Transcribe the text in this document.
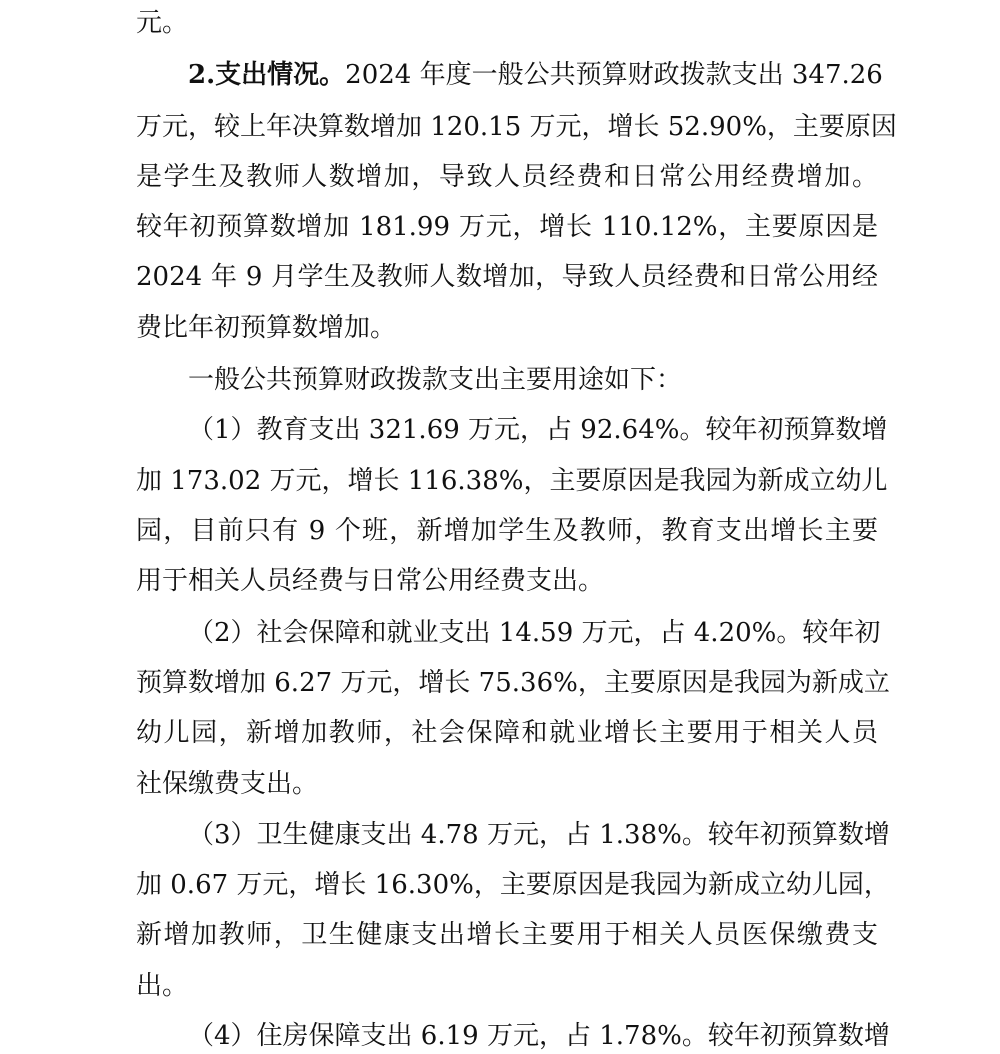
元。
2.支出情况。2024 年度一般公共预算财政拨款支出 347.26
万元，较上年决算数增加 120.15 万元，增长 52.90%，主要原因
是学生及教师人数增加，导致人员经费和日常公用经费增加。
较年初预算数增加 181.99 万元，增长 110.12%，主要原因是
2024 年 9 月学生及教师人数增加，导致人员经费和日常公用经
费比年初预算数增加。
一般公共预算财政拨款支出主要用途如下：
（1）教育支出 321.69 万元，占 92.64%。较年初预算数增
加 173.02 万元，增长 116.38%，主要原因是我园为新成立幼儿
园，目前只有 9 个班，新增加学生及教师，教育支出增长主要
用于相关人员经费与日常公用经费支出。
（2）社会保障和就业支出 14.59 万元，占 4.20%。较年初
预算数增加 6.27 万元，增长 75.36%，主要原因是我园为新成立
幼儿园，新增加教师，社会保障和就业增长主要用于相关人员
社保缴费支出。
（3）卫生健康支出 4.78 万元，占 1.38%。较年初预算数增
加 0.67 万元，增长 16.30%，主要原因是我园为新成立幼儿园，
新增加教师，卫生健康支出增长主要用于相关人员医保缴费支
出。
（4）住房保障支出 6.19 万元，占 1.78%。较年初预算数增
